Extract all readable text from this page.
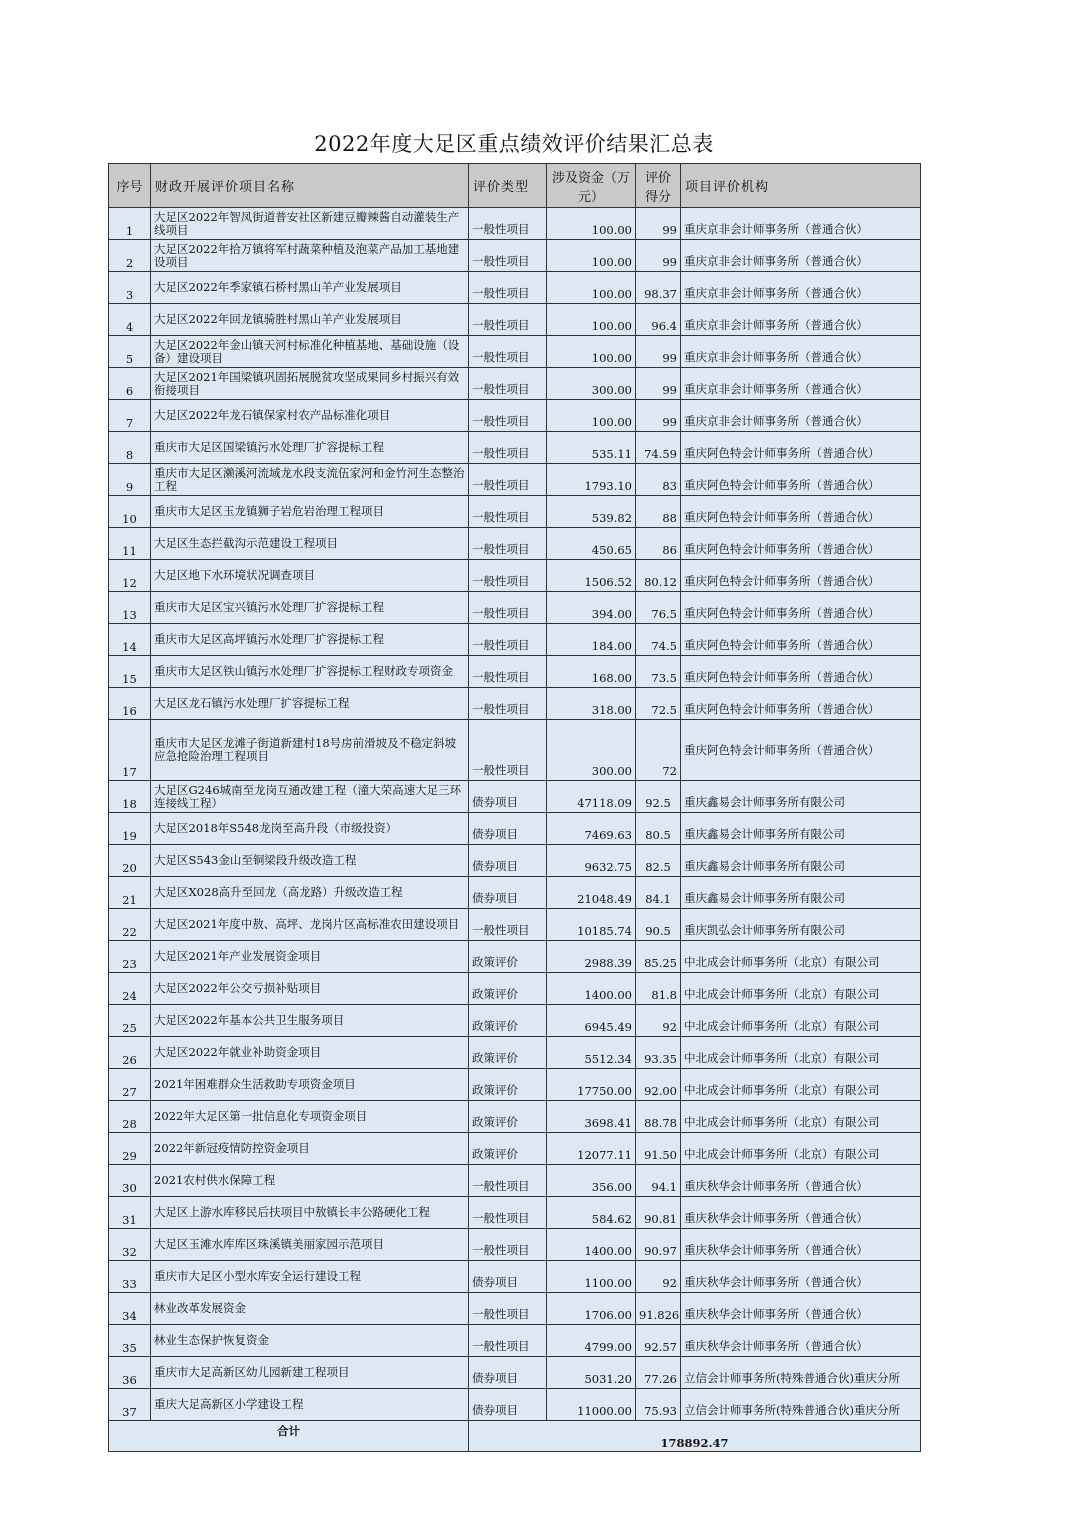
2022年度大足区重点绩效评价结果汇总表
序号	财政开展评价项目名称	评价类型	涉及资金（万元）	评价得分	项目评价机构
1	大足区2022年智凤街道普安社区新建豆瓣辣酱自动灌装生产线项目	一般性项目	100.00	99	重庆京非会计师事务所（普通合伙）
2	大足区2022年拾万镇将军村蔬菜种植及泡菜产品加工基地建设项目	一般性项目	100.00	99	重庆京非会计师事务所（普通合伙）
3	大足区2022年季家镇石桥村黑山羊产业发展项目	一般性项目	100.00	98.37	重庆京非会计师事务所（普通合伙）
4	大足区2022年回龙镇骑胜村黑山羊产业发展项目	一般性项目	100.00	96.4	重庆京非会计师事务所（普通合伙）
5	大足区2022年金山镇天河村标准化种植基地、基础设施（设备）建设项目	一般性项目	100.00	99	重庆京非会计师事务所（普通合伙）
6	大足区2021年国梁镇巩固拓展脱贫攻坚成果同乡村振兴有效衔接项目	一般性项目	300.00	99	重庆京非会计师事务所（普通合伙）
7	大足区2022年龙石镇保家村农产品标准化项目	一般性项目	100.00	99	重庆京非会计师事务所（普通合伙）
8	重庆市大足区国梁镇污水处理厂扩容提标工程	一般性项目	535.11	74.59	重庆阿色特会计师事务所（普通合伙）
9	重庆市大足区濑溪河流域龙水段支流伍家河和金竹河生态整治工程	一般性项目	1793.10	83	重庆阿色特会计师事务所（普通合伙）
10	重庆市大足区玉龙镇狮子岩危岩治理工程项目	一般性项目	539.82	88	重庆阿色特会计师事务所（普通合伙）
11	大足区生态拦截沟示范建设工程项目	一般性项目	450.65	86	重庆阿色特会计师事务所（普通合伙）
12	大足区地下水环境状况调查项目	一般性项目	1506.52	80.12	重庆阿色特会计师事务所（普通合伙）
13	重庆市大足区宝兴镇污水处理厂扩容提标工程	一般性项目	394.00	76.5	重庆阿色特会计师事务所（普通合伙）
14	重庆市大足区高坪镇污水处理厂扩容提标工程	一般性项目	184.00	74.5	重庆阿色特会计师事务所（普通合伙）
15	重庆市大足区铁山镇污水处理厂扩容提标工程财政专项资金	一般性项目	168.00	73.5	重庆阿色特会计师事务所（普通合伙）
16	大足区龙石镇污水处理厂扩容提标工程	一般性项目	318.00	72.5	重庆阿色特会计师事务所（普通合伙）
17	重庆市大足区龙滩子街道新建村18号房前滑坡及不稳定斜坡应急抢险治理工程项目	一般性项目	300.00	72	重庆阿色特会计师事务所（普通合伙）
18	大足区G246城南至龙岗互通改建工程（潼大荣高速大足三环连接线工程）	债券项目	47118.09	92.5	重庆鑫易会计师事务所有限公司
19	大足区2018年S548龙岗至高升段（市级投资）	债券项目	7469.63	80.5	重庆鑫易会计师事务所有限公司
20	大足区S543金山至铜梁段升级改造工程	债券项目	9632.75	82.5	重庆鑫易会计师事务所有限公司
21	大足区X028高升至回龙（高龙路）升级改造工程	债券项目	21048.49	84.1	重庆鑫易会计师事务所有限公司
22	大足区2021年度中敖、高坪、龙岗片区高标准农田建设项目	一般性项目	10185.74	90.5	重庆凯弘会计师事务所有限公司
23	大足区2021年产业发展资金项目	政策评价	2988.39	85.25	中北成会计师事务所（北京）有限公司
24	大足区2022年公交亏损补贴项目	政策评价	1400.00	81.8	中北成会计师事务所（北京）有限公司
25	大足区2022年基本公共卫生服务项目	政策评价	6945.49	92	中北成会计师事务所（北京）有限公司
26	大足区2022年就业补助资金项目	政策评价	5512.34	93.35	中北成会计师事务所（北京）有限公司
27	2021年困难群众生活救助专项资金项目	政策评价	17750.00	92.00	中北成会计师事务所（北京）有限公司
28	2022年大足区第一批信息化专项资金项目	政策评价	3698.41	88.78	中北成会计师事务所（北京）有限公司
29	2022年新冠疫情防控资金项目	政策评价	12077.11	91.50	中北成会计师事务所（北京）有限公司
30	2021农村供水保障工程	一般性项目	356.00	94.1	重庆秋华会计师事务所（普通合伙）
31	大足区上游水库移民后扶项目中敖镇长丰公路硬化工程	一般性项目	584.62	90.81	重庆秋华会计师事务所（普通合伙）
32	大足区玉滩水库库区珠溪镇美丽家园示范项目	一般性项目	1400.00	90.97	重庆秋华会计师事务所（普通合伙）
33	重庆市大足区小型水库安全运行建设工程	债券项目	1100.00	92	重庆秋华会计师事务所（普通合伙）
34	林业改革发展资金	一般性项目	1706.00	91.826	重庆秋华会计师事务所（普通合伙）
35	林业生态保护恢复资金	一般性项目	4799.00	92.57	重庆秋华会计师事务所（普通合伙）
36	重庆市大足高新区幼儿园新建工程项目	债券项目	5031.20	77.26	立信会计师事务所(特殊普通合伙)重庆分所
37	重庆大足高新区小学建设工程	债券项目	11000.00	75.93	立信会计师事务所(特殊普通合伙)重庆分所
合计		178892.47			
